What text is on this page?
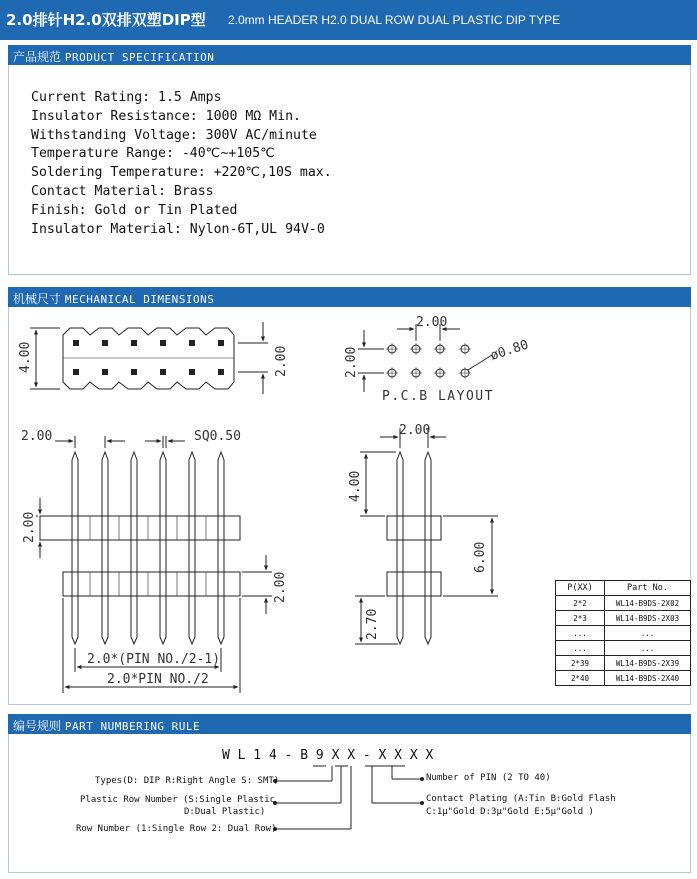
2.0排针H2.0双排双塑DIP型 2.0mm HEADER H2.0 DUAL ROW DUAL PLASTIC DIP TYPE
产品规范 PRODUCT SPECIFICATION
Current Rating: 1.5 Amps
Insulator Resistance: 1000 MΩ Min.
Withstanding Voltage: 300V AC/minute
Temperature Range: -40℃~+105℃
Soldering Temperature: +220℃,10S max.
Contact Material: Brass
Finish: Gold or Tin Plated
Insulator Material: Nylon-6T,UL 94V-0
机械尺寸 MECHANICAL DIMENSIONS
4.00	2.00
2.00
2.00	ø0.80
P.C.B LAYOUT
2.00	SQ0.50
2.00
2.00
2.0*(PIN NO./2-1)
2.0*PIN NO./2
2.00
4.00
6.00
2.70
P(XX)	Part No.
2*2	WL14-B9DS-2X02
2*3	WL14-B9DS-2X03
...	...
...	...
2*39	WL14-B9DS-2X39
2*40	WL14-B9DS-2X40
编号规则 PART NUMBERING RULE
W L 1 4 - B 9 X X - X X X X
Types(D: DIP R:Right Angle S: SMT)
Plastic Row Number (S:Single Plastic
D:Dual Plastic)
Row Number (1:Single Row 2: Dual Row)
Number of PIN (2 TO 40)
Contact Plating (A:Tin B:Gold Flash
C:1μ"Gold D:3μ"Gold E:5μ"Gold )
